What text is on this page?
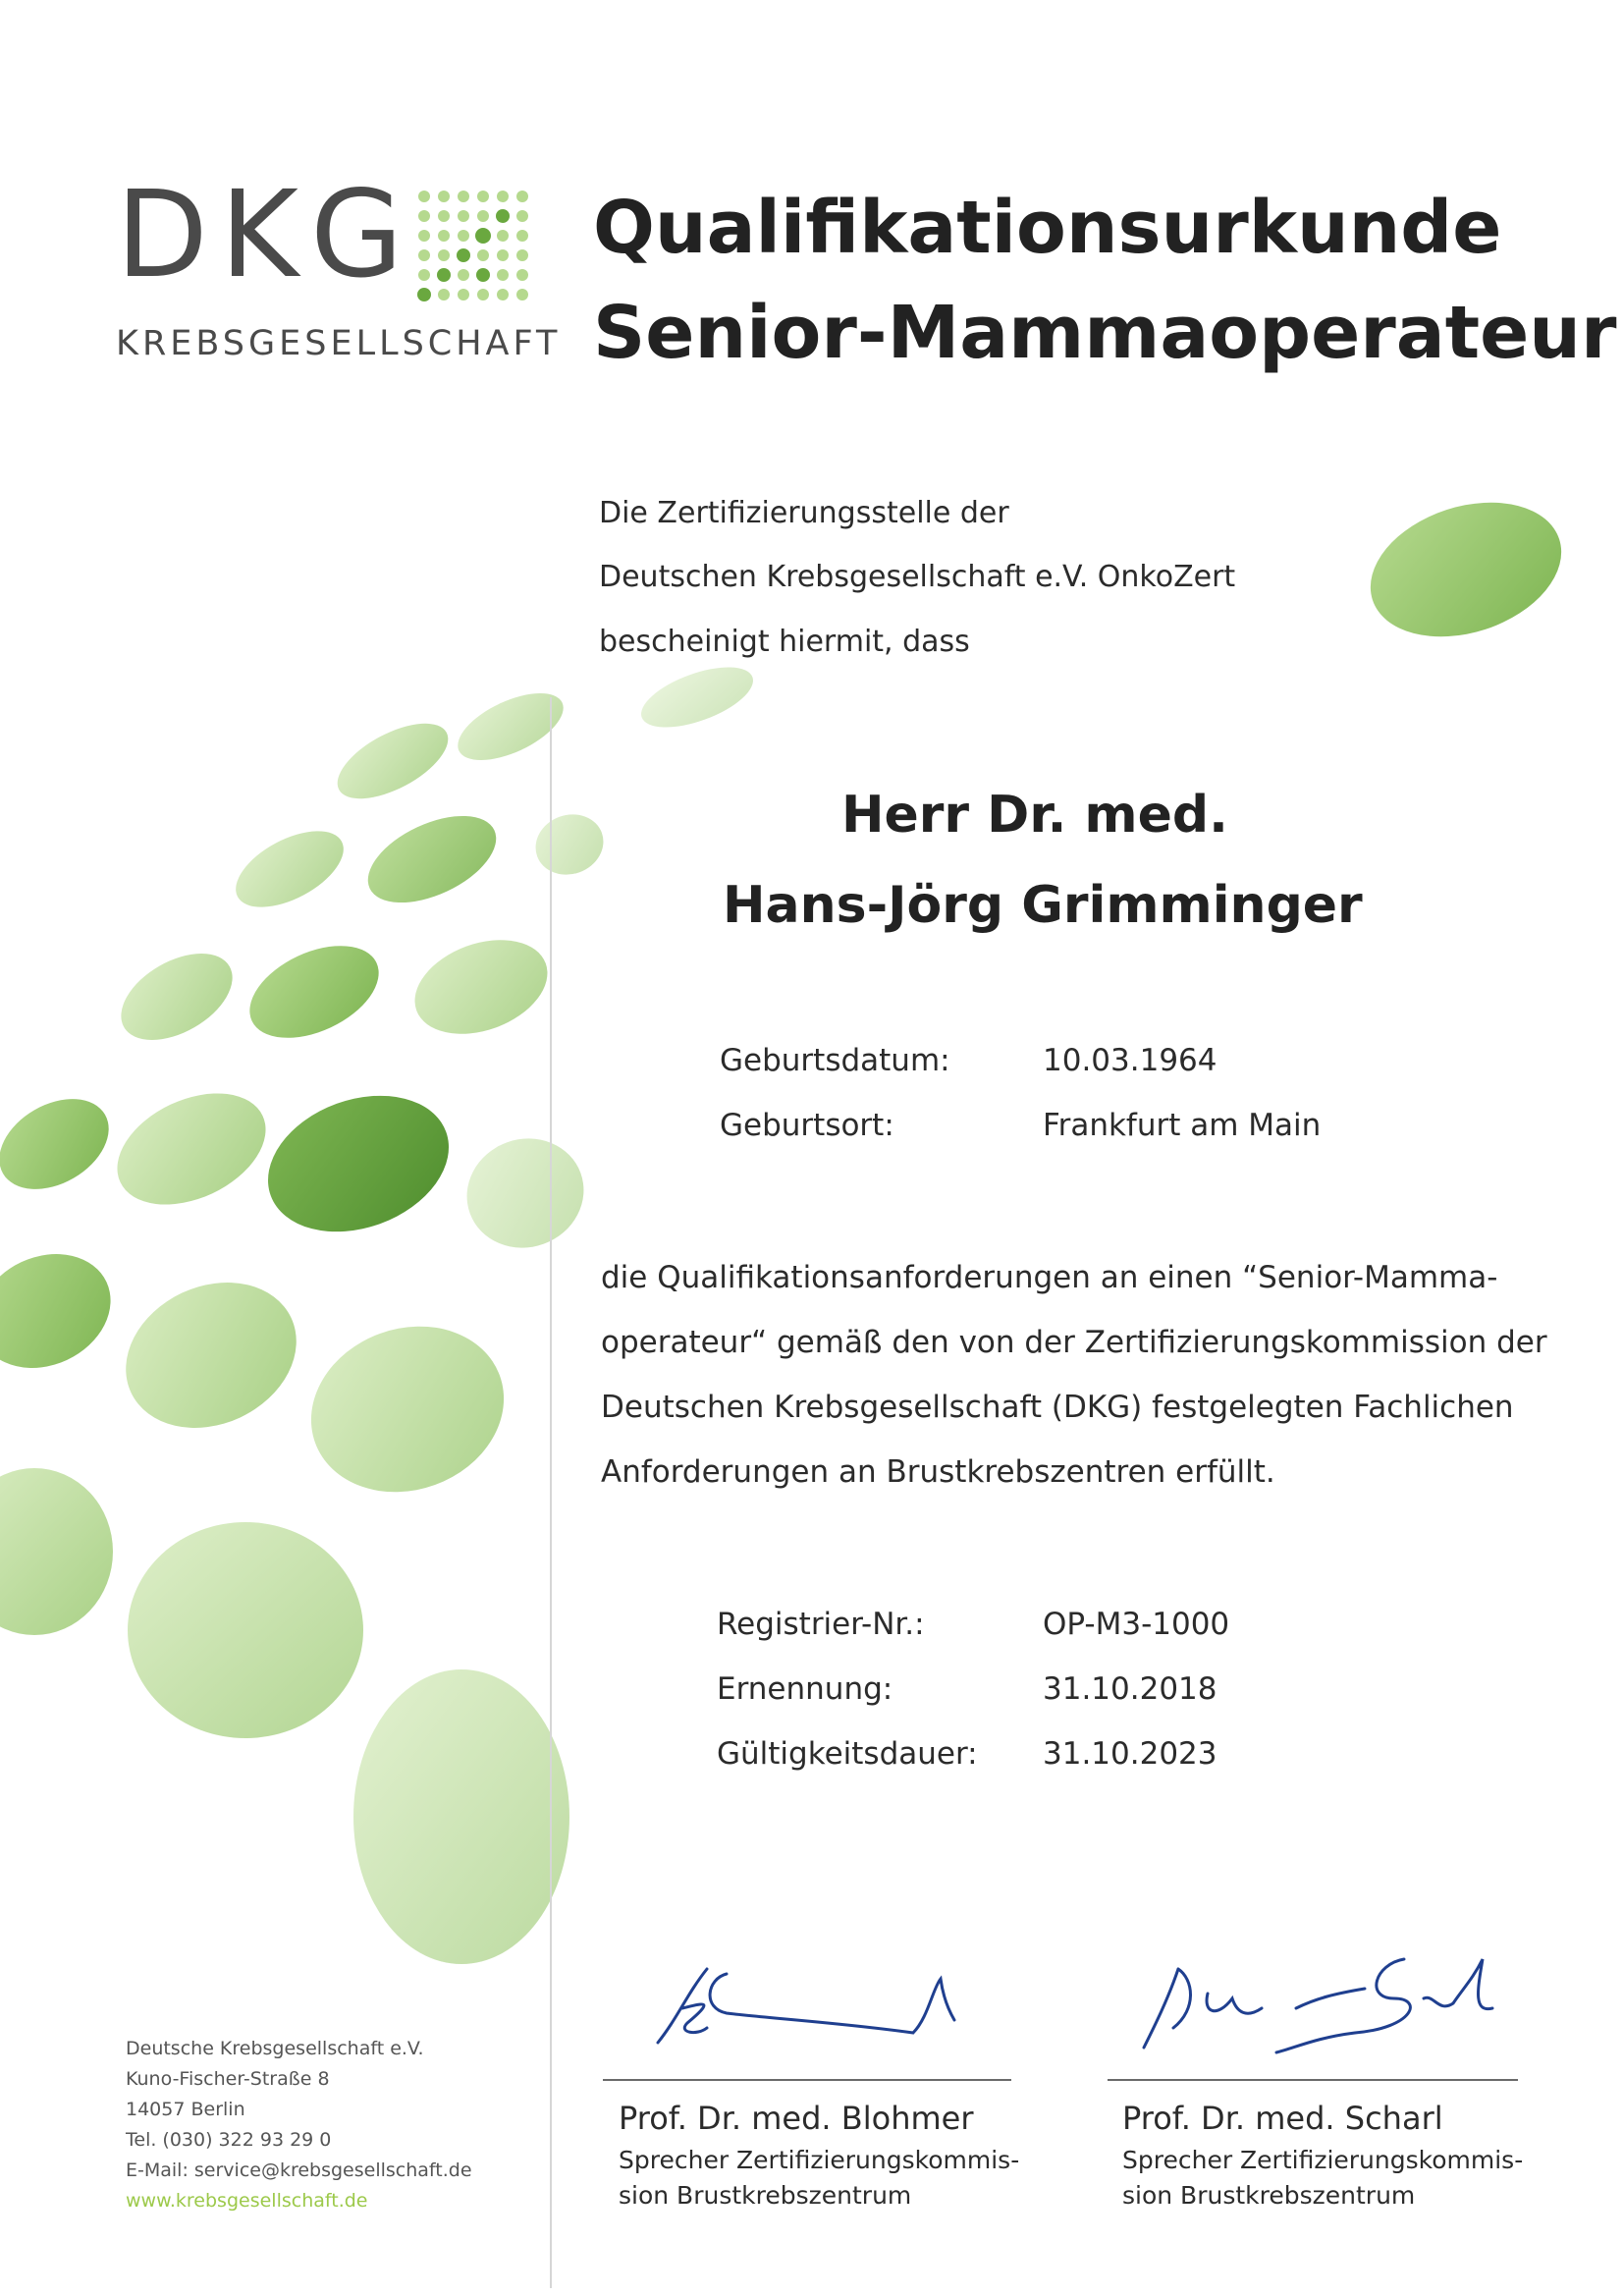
DKG
KREBSGESELLSCHAFT
Qualifikationsurkunde
Senior-Mammaoperateur
Die Zertifizierungsstelle der
Deutschen Krebsgesellschaft e.V. OnkoZert
bescheinigt hiermit, dass
Herr Dr. med.
Hans-Jörg Grimminger
Geburtsdatum:	10.03.1964
Geburtsort:	Frankfurt am Main
die Qualifikationsanforderungen an einen “Senior-Mamma-
operateur“ gemäß den von der Zertifizierungskommission der
Deutschen Krebsgesellschaft (DKG) festgelegten Fachlichen
Anforderungen an Brustkrebszentren erfüllt.
Registrier-Nr.:	OP-M3-1000
Ernennung:	31.10.2018
Gültigkeitsdauer: 31.10.2023
Prof. Dr. med. Blohmer
Sprecher Zertifizierungskommis-
sion Brustkrebszentrum
Prof. Dr. med. Scharl
Sprecher Zertifizierungskommis-
sion Brustkrebszentrum
Deutsche Krebsgesellschaft e.V.
Kuno-Fischer-Straße 8
14057 Berlin
Tel. (030) 322 93 29 0
E-Mail: service@krebsgesellschaft.de
www.krebsgesellschaft.de
